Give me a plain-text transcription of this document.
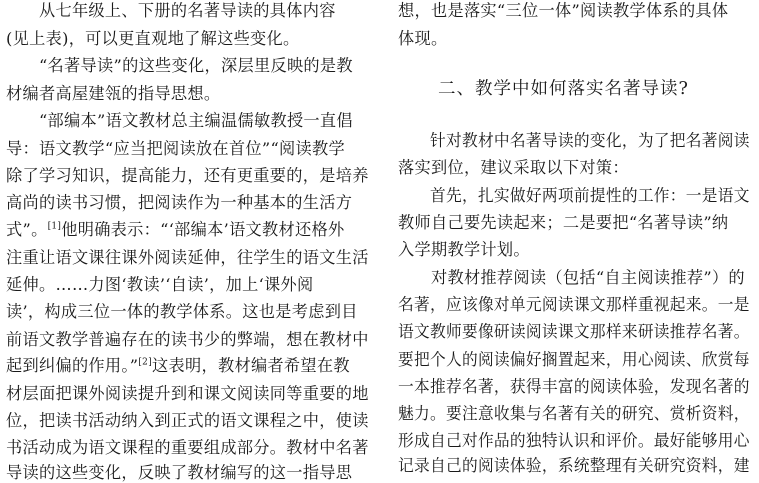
　　从七年级上、下册的名著导读的具体内容
(见上表)，可以更直观地了解这些变化。
　　“名著导读”的这些变化，深层里反映的是教
材编者高屋建瓴的指导思想。
　　“部编本”语文教材总主编温儒敏教授一直倡
导：语文教学“应当把阅读放在首位”“阅读教学
除了学习知识，提高能力，还有更重要的，是培养
高尚的读书习惯，把阅读作为一种基本的生活方
式”。[1]他明确表示：“‘部编本’语文教材还格外
注重让语文课往课外阅读延伸，往学生的语文生活
延伸。……力图‘教读’‘自读’，加上‘课外阅
读’，构成三位一体的教学体系。这也是考虑到目
前语文教学普遍存在的读书少的弊端，想在教材中
起到纠偏的作用。”[2]这表明，教材编者希望在教
材层面把课外阅读提升到和课文阅读同等重要的地
位，把读书活动纳入到正式的语文课程之中，使读
书活动成为语文课程的重要组成部分。教材中名著
导读的这些变化，反映了教材编写的这一指导思
想，也是落实“三位一体”阅读教学体系的具体
体现。
二、教学中如何落实名著导读?
　　针对教材中名著导读的变化，为了把名著阅读
落实到位，建议采取以下对策：
　　首先，扎实做好两项前提性的工作：一是语文
教师自己要先读起来；二是要把“名著导读”纳
入学期教学计划。
　　对教材推荐阅读（包括“自主阅读推荐”）的
名著，应该像对单元阅读课文那样重视起来。一是
语文教师要像研读阅读课文那样来研读推荐名著。
要把个人的阅读偏好搁置起来，用心阅读、欣赏每
一本推荐名著，获得丰富的阅读体验，发现名著的
魅力。要注意收集与名著有关的研究、赏析资料，
形成自己对作品的独特认识和评价。最好能够用心
记录自己的阅读体验，系统整理有关研究资料，建
